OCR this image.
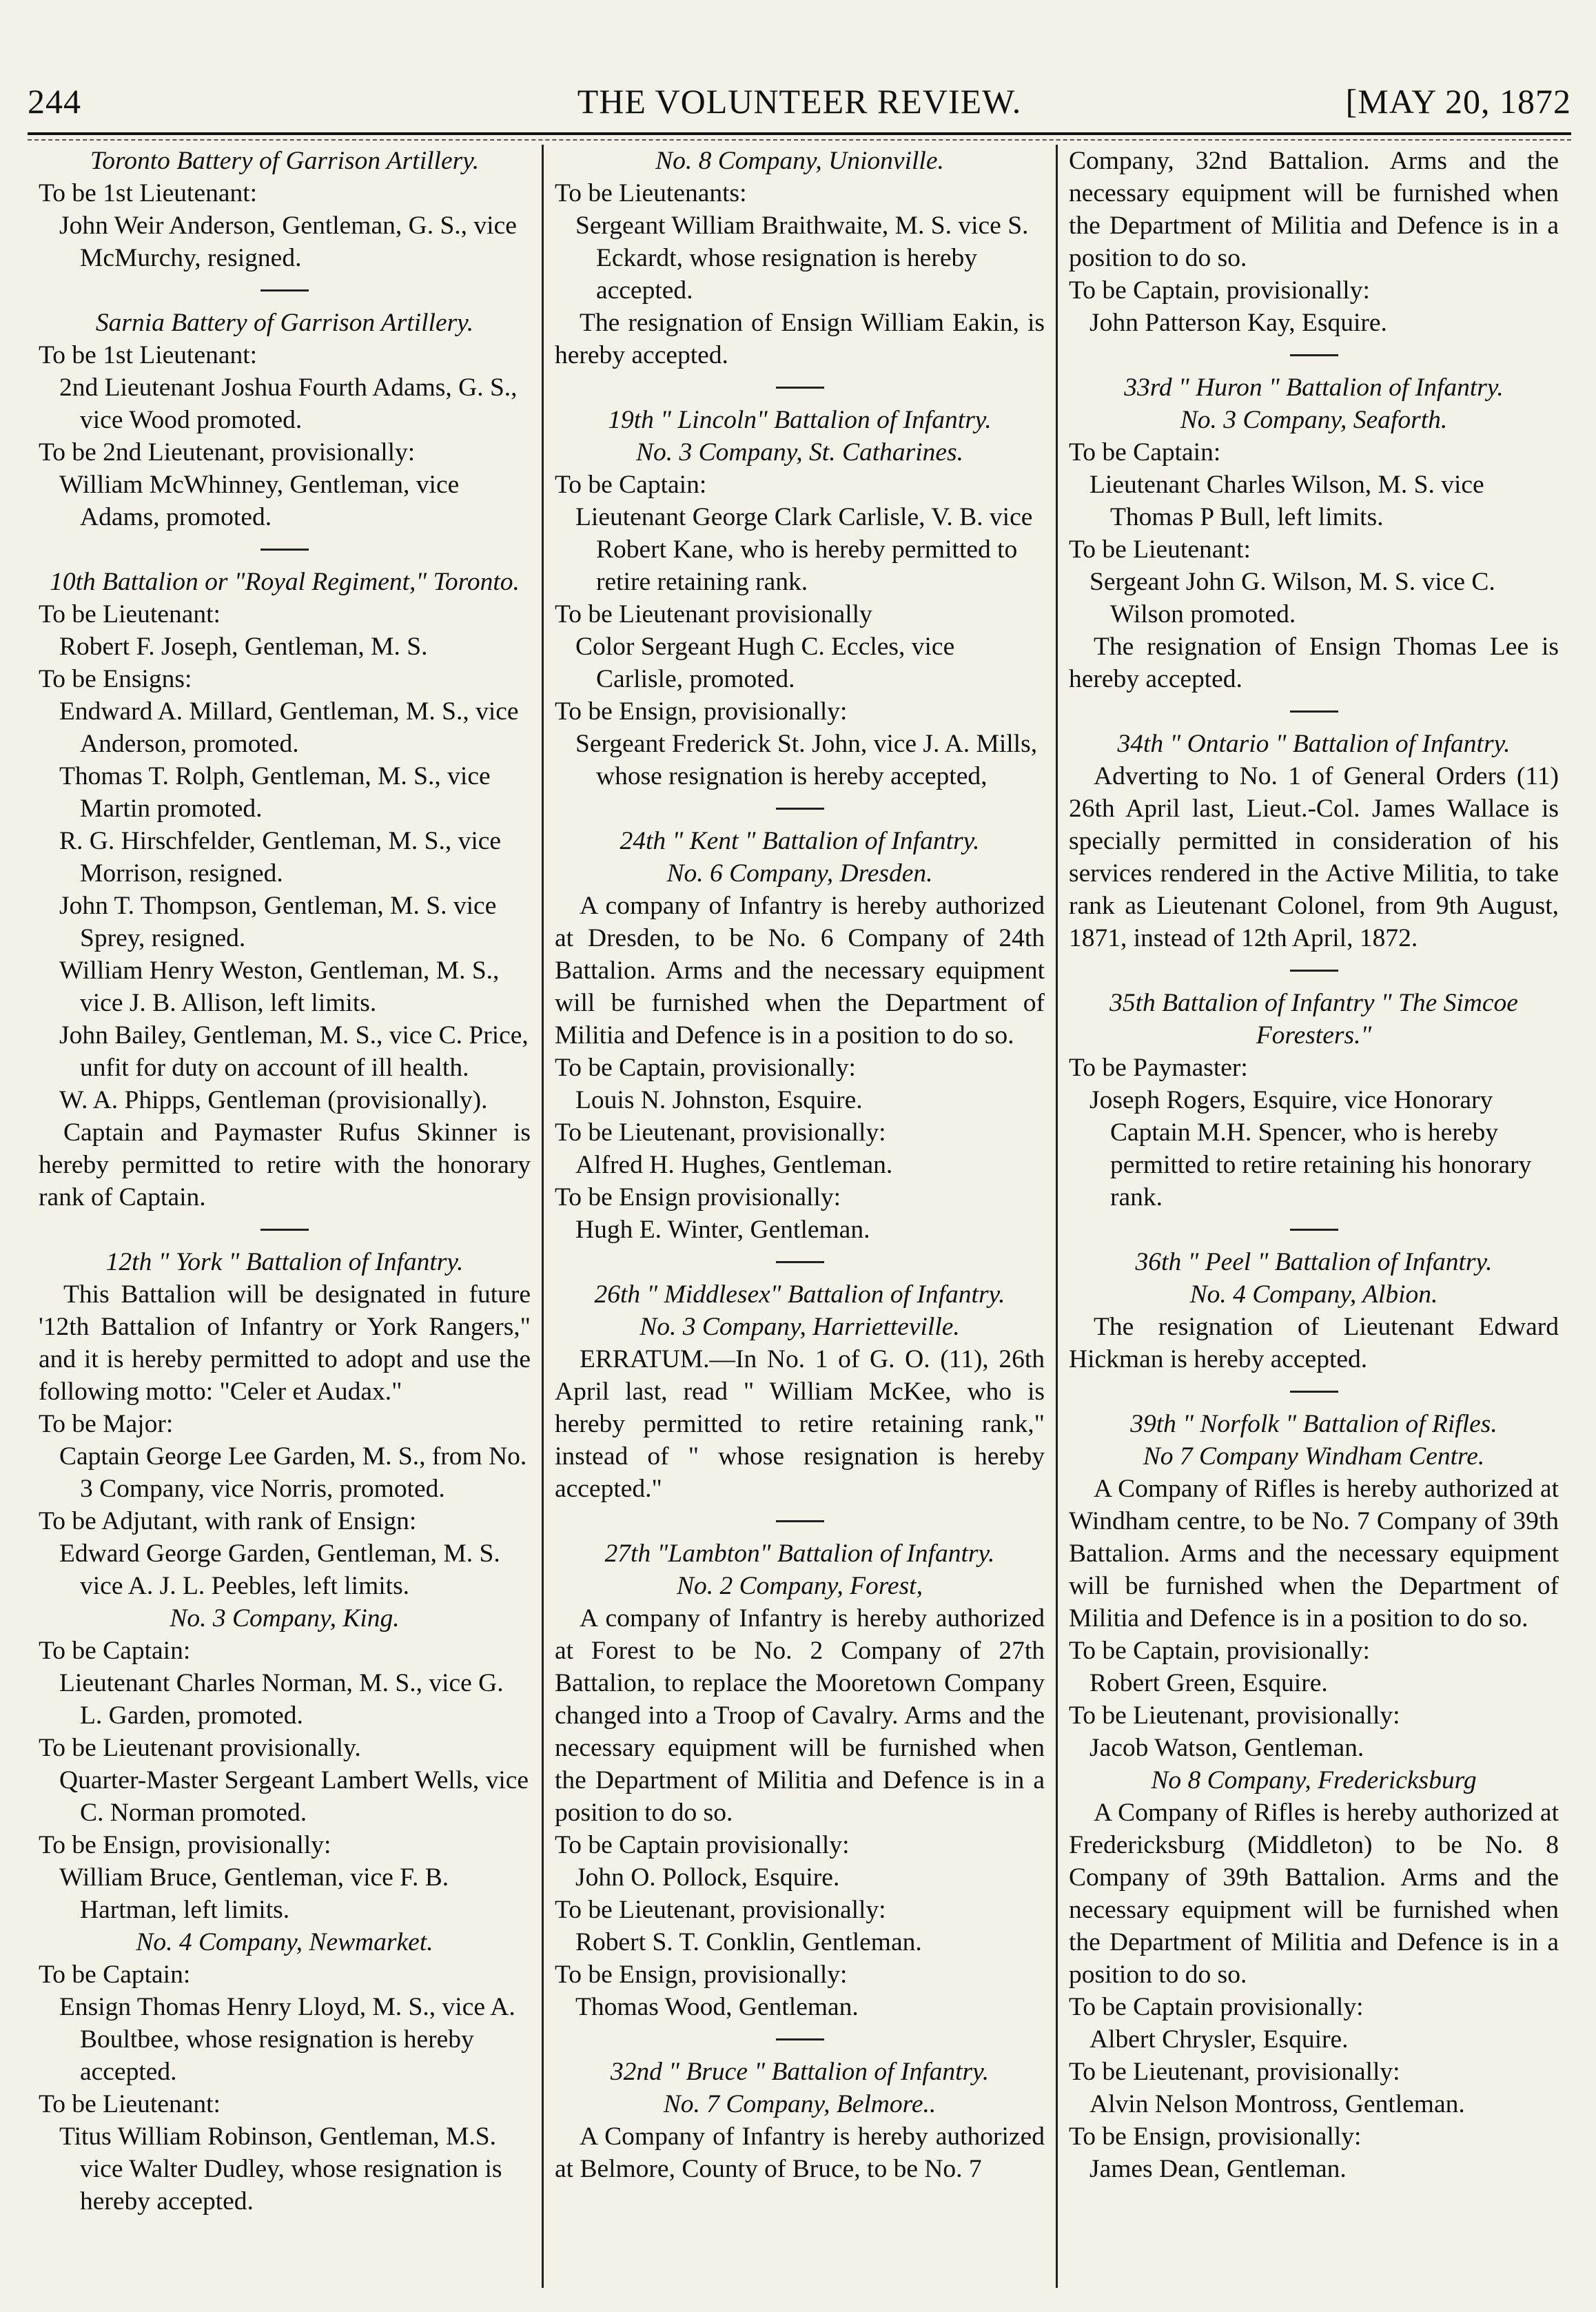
244	THE VOLUNTEER REVIEW.	[MAY 20, 1872

Toronto Battery of Garrison Artillery.

To be 1st Lieutenant:

John Weir Anderson, Gentleman, G. S., vice McMurchy, resigned.

Sarnia Battery of Garrison Artillery.

To be 1st Lieutenant:

2nd Lieutenant Joshua Fourth Adams, G. S., vice Wood promoted.

To be 2nd Lieutenant, provisionally:

William McWhinney, Gentleman, vice Adams, promoted.

10th Battalion or "Royal Regiment," Toronto.

To be Lieutenant:

Robert F. Joseph, Gentleman, M. S.

To be Ensigns:

Endward A. Millard, Gentleman, M. S., vice Anderson, promoted.

Thomas T. Rolph, Gentleman, M. S., vice Martin promoted.

R. G. Hirschfelder, Gentleman, M. S., vice Morrison, resigned.

John T. Thompson, Gentleman, M. S. vice Sprey, resigned.

William Henry Weston, Gentleman, M. S., vice J. B. Allison, left limits.

John Bailey, Gentleman, M. S., vice C. Price, unfit for duty on account of ill health.

W. A. Phipps, Gentleman (provisionally).

Captain and Paymaster Rufus Skinner is hereby permitted to retire with the honorary rank of Captain.

12th " York " Battalion of Infantry.

This Battalion will be designated in future '12th Battalion of Infantry or York Rangers," and it is hereby permitted to adopt and use the following motto: "Celer et Audax."

To be Major:

Captain George Lee Garden, M. S., from No. 3 Company, vice Norris, promoted.

To be Adjutant, with rank of Ensign:

Edward George Garden, Gentleman, M. S. vice A. J. L. Peebles, left limits.

No. 3 Company, King.

To be Captain:

Lieutenant Charles Norman, M. S., vice G. L. Garden, promoted.

To be Lieutenant provisionally.

Quarter-Master Sergeant Lambert Wells, vice C. Norman promoted.

To be Ensign, provisionally:

William Bruce, Gentleman, vice F. B. Hartman, left limits.

No. 4 Company, Newmarket.

To be Captain:

Ensign Thomas Henry Lloyd, M. S., vice A. Boultbee, whose resignation is hereby accepted.

To be Lieutenant:

Titus William Robinson, Gentleman, M.S. vice Walter Dudley, whose resignation is hereby accepted.

No. 8 Company, Unionville.

To be Lieutenants:

Sergeant William Braithwaite, M. S. vice S. Eckardt, whose resignation is hereby accepted.

The resignation of Ensign William Eakin, is hereby accepted.

19th " Lincoln" Battalion of Infantry.

No. 3 Company, St. Catharines.

To be Captain:

Lieutenant George Clark Carlisle, V. B. vice Robert Kane, who is hereby permitted to retire retaining rank.

To be Lieutenant provisionally

Color Sergeant Hugh C. Eccles, vice Carlisle, promoted.

To be Ensign, provisionally:

Sergeant Frederick St. John, vice J. A. Mills, whose resignation is hereby accepted,

24th " Kent " Battalion of Infantry.

No. 6 Company, Dresden.

A company of Infantry is hereby authorized at Dresden, to be No. 6 Company of 24th Battalion. Arms and the necessary equipment will be furnished when the Department of Militia and Defence is in a position to do so.

To be Captain, provisionally:

Louis N. Johnston, Esquire.

To be Lieutenant, provisionally:

Alfred H. Hughes, Gentleman.

To be Ensign provisionally:

Hugh E. Winter, Gentleman.

26th " Middlesex" Battalion of Infantry.

No. 3 Company, Harrietteville.

ERRATUM.—In No. 1 of G. O. (11), 26th April last, read " William McKee, who is hereby permitted to retire retaining rank," instead of " whose resignation is hereby accepted."

27th "Lambton" Battalion of Infantry.

No. 2 Company, Forest,

A company of Infantry is hereby authorized at Forest to be No. 2 Company of 27th Battalion, to replace the Mooretown Company changed into a Troop of Cavalry. Arms and the necessary equipment will be furnished when the Department of Militia and Defence is in a position to do so.

To be Captain provisionally:

John O. Pollock, Esquire.

To be Lieutenant, provisionally:

Robert S. T. Conklin, Gentleman.

To be Ensign, provisionally:

Thomas Wood, Gentleman.

32nd " Bruce " Battalion of Infantry.

No. 7 Company, Belmore..

A Company of Infantry is hereby authorized at Belmore, County of Bruce, to be No. 7

Company, 32nd Battalion. Arms and the necessary equipment will be furnished when the Department of Militia and Defence is in a position to do so.

To be Captain, provisionally:

John Patterson Kay, Esquire.

33rd " Huron " Battalion of Infantry.

No. 3 Company, Seaforth.

To be Captain:

Lieutenant Charles Wilson, M. S. vice Thomas P Bull, left limits.

To be Lieutenant:

Sergeant John G. Wilson, M. S. vice C. Wilson promoted.

The resignation of Ensign Thomas Lee is hereby accepted.

34th " Ontario " Battalion of Infantry.

Adverting to No. 1 of General Orders (11) 26th April last, Lieut.-Col. James Wallace is specially permitted in consideration of his services rendered in the Active Militia, to take rank as Lieutenant Colonel, from 9th August, 1871, instead of 12th April, 1872.

35th Battalion of Infantry " The Simcoe Foresters."

To be Paymaster:

Joseph Rogers, Esquire, vice Honorary Captain M.H. Spencer, who is hereby permitted to retire retaining his honorary rank.

36th " Peel " Battalion of Infantry.

No. 4 Company, Albion.

The resignation of Lieutenant Edward Hickman is hereby accepted.

39th " Norfolk " Battalion of Rifles.

No 7 Company Windham Centre.

A Company of Rifles is hereby authorized at Windham centre, to be No. 7 Company of 39th Battalion. Arms and the necessary equipment will be furnished when the Department of Militia and Defence is in a position to do so.

To be Captain, provisionally:

Robert Green, Esquire.

To be Lieutenant, provisionally:

Jacob Watson, Gentleman.

No 8 Company, Fredericksburg

A Company of Rifles is hereby authorized at Fredericksburg (Middleton) to be No. 8 Company of 39th Battalion. Arms and the necessary equipment will be furnished when the Department of Militia and Defence is in a position to do so.

To be Captain provisionally:

Albert Chrysler, Esquire.

To be Lieutenant, provisionally:

Alvin Nelson Montross, Gentleman.

To be Ensign, provisionally:

James Dean, Gentleman.
